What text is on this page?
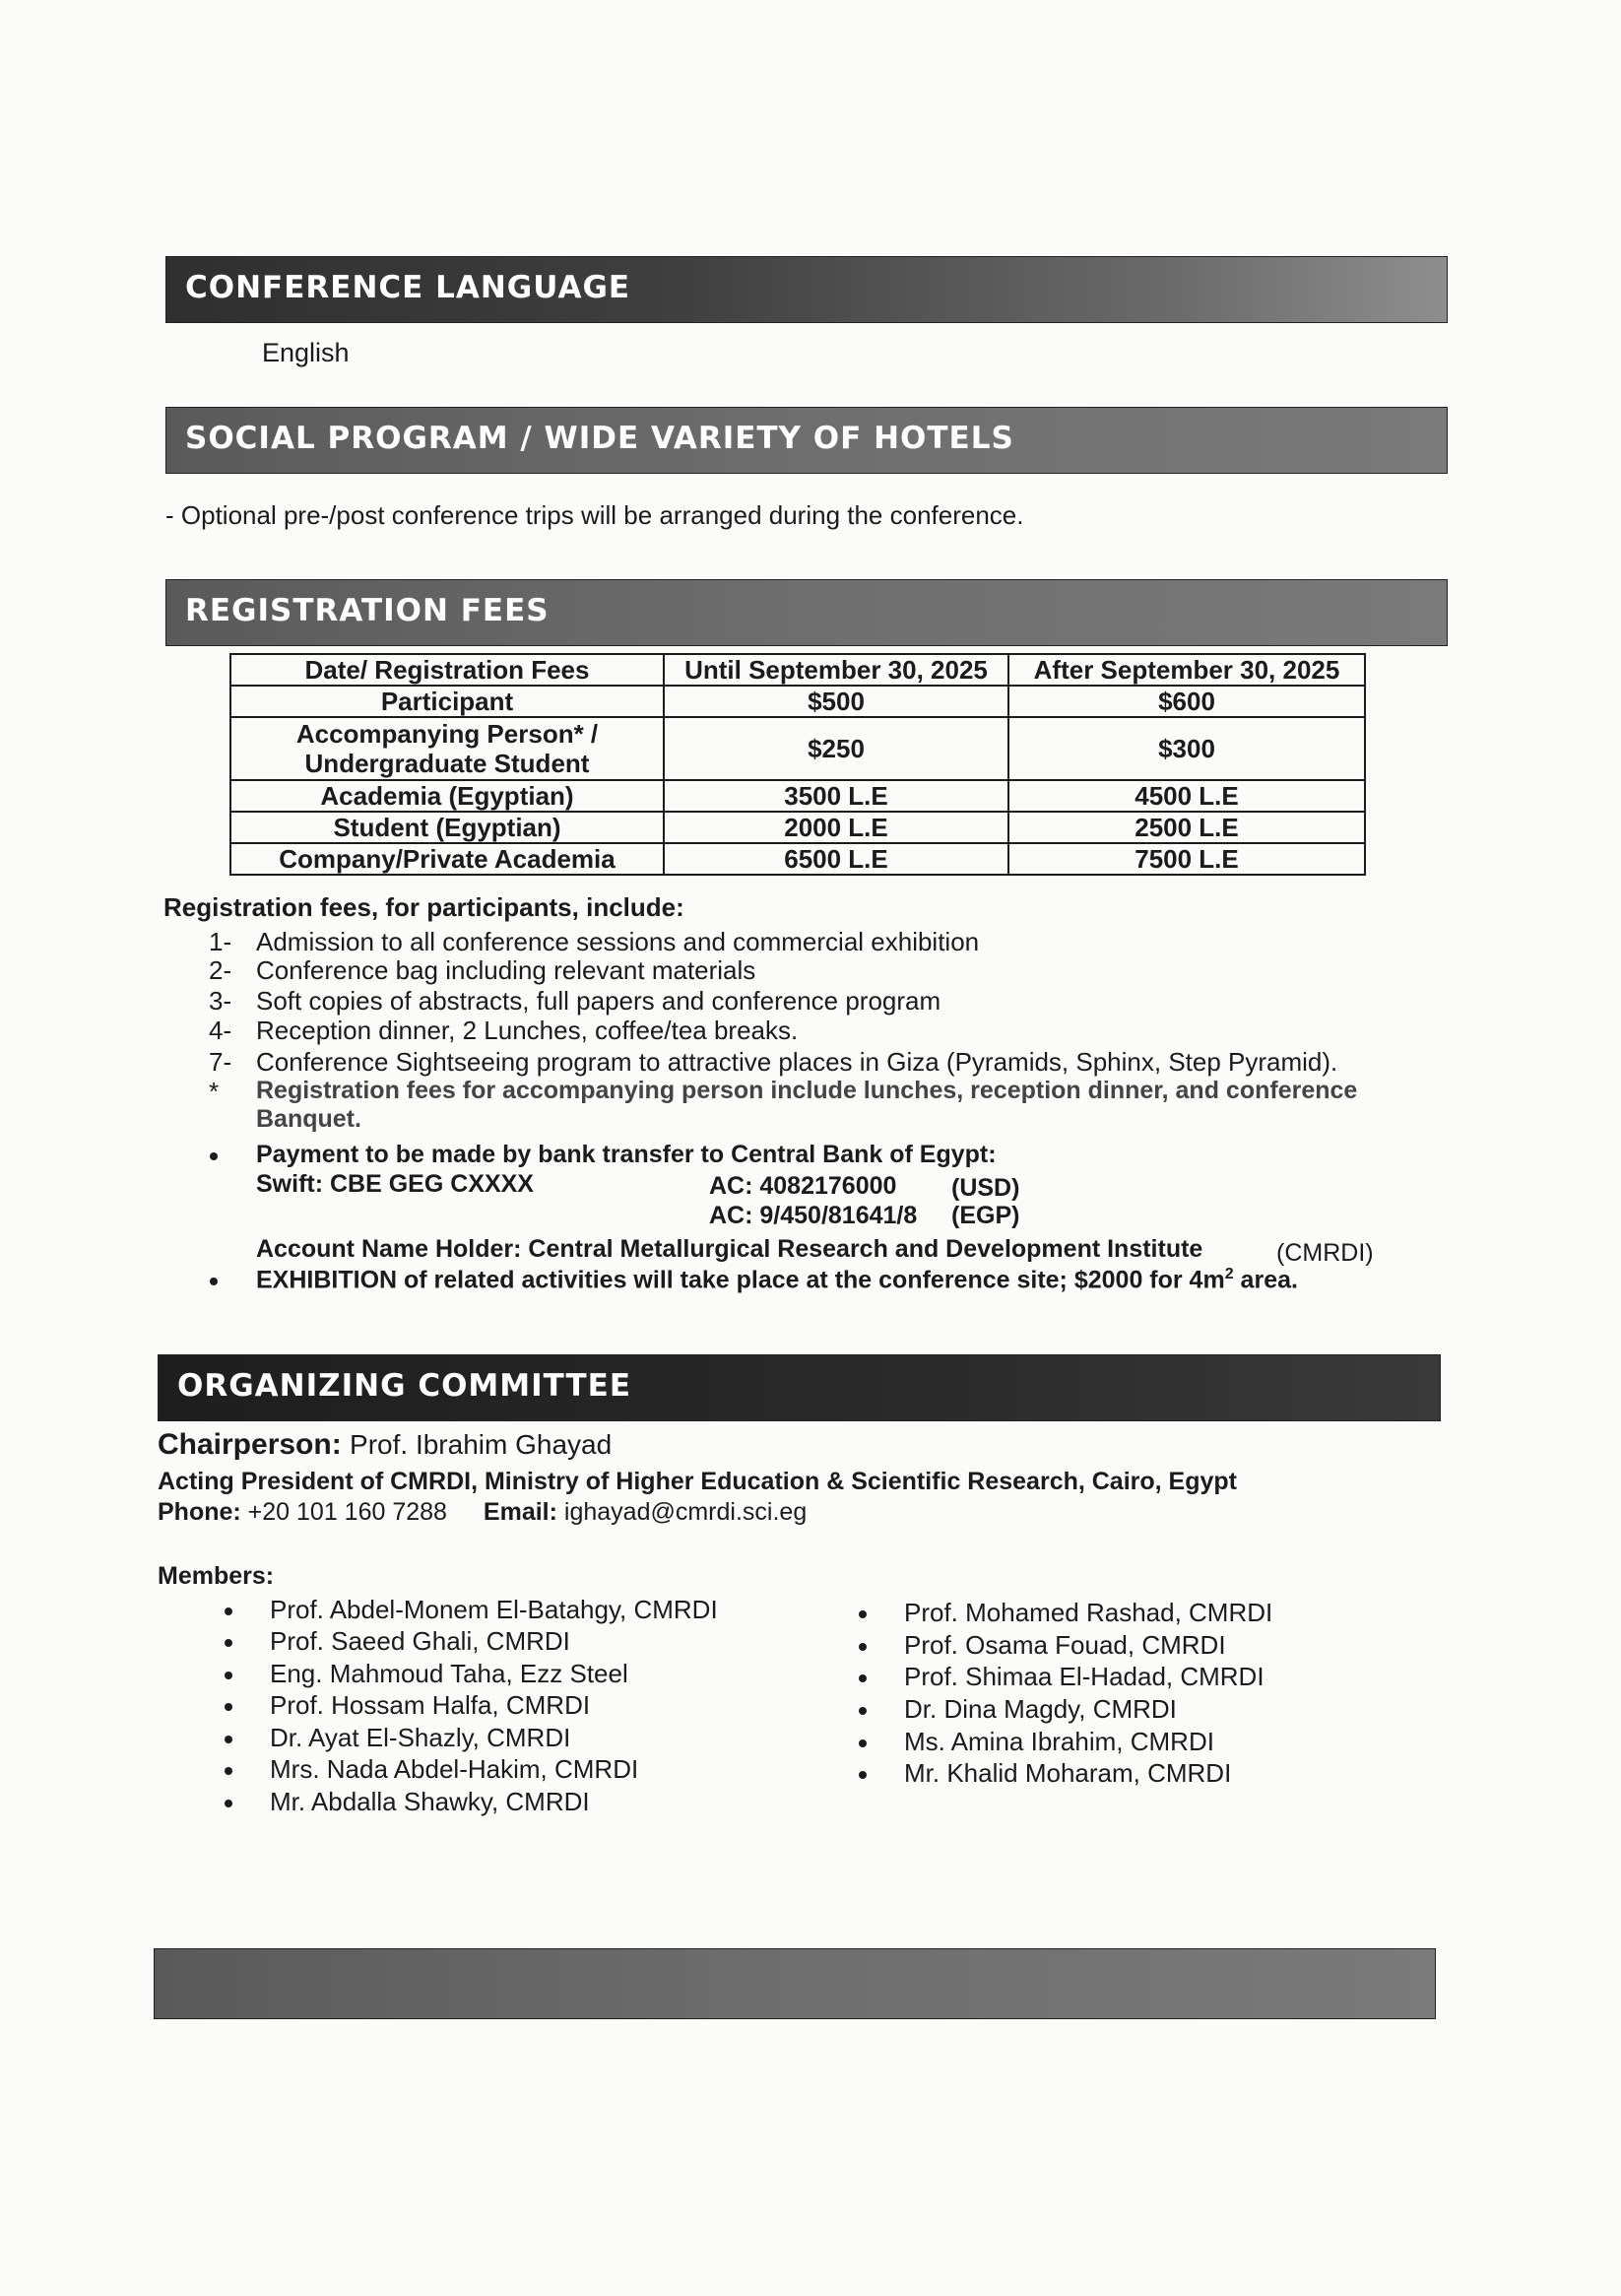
CONFERENCE LANGUAGE
English
SOCIAL PROGRAM / WIDE VARIETY OF HOTELS
- Optional pre-/post conference trips will be arranged during the conference.
REGISTRATION FEES
Date/ Registration Fees	Until September 30, 2025	After September 30, 2025
Participant	$500	$600

Accompanying Person* /
Undergraduate Student	$250	$300
Academia (Egyptian)	3500 L.E	4500 L.E
Student (Egyptian)	2000 L.E	2500 L.E
Company/Private Academia	6500 L.E	7500 L.E
Registration fees, for participants, include:
1- Admission to all conference sessions and commercial exhibition
2- Conference bag including relevant materials
3- Soft copies of abstracts, full papers and conference program
4- Reception dinner, 2 Lunches, coffee/tea breaks.
7- Conference Sightseeing program to attractive places in Giza (Pyramids, Sphinx, Step Pyramid).
* Registration fees for accompanying person include lunches, reception dinner, and conference
Banquet.
Payment to be made by bank transfer to Central Bank of Egypt:
Swift: CBE GEG CXXXX	AC: 4082176000 (USD)
AC: 9/450/81641/8 (EGP)
Account Name Holder: Central Metallurgical Research and Development Institute	(CMRDI)
EXHIBITION of related activities will take place at the conference site; $2000 for $4m^2$ area.
ORGANIZING COMMITTEE
Chairperson: Prof. Ibrahim Ghayad
Acting President of CMRDI, Ministry of Higher Education & Scientific Research, Cairo, Egypt
Phone: +20 101 160 7288 Email: ighayad@cmrdi.sci.eg
Members:
Prof. Abdel-Monem El-Batahgy, CMRDI
Prof. Saeed Ghali, CMRDI
Eng. Mahmoud Taha, Ezz Steel
Prof. Hossam Halfa, CMRDI
Dr. Ayat El-Shazly, CMRDI
Mrs. Nada Abdel-Hakim, CMRDI
Mr. Abdalla Shawky, CMRDI
Prof. Mohamed Rashad, CMRDI
Prof. Osama Fouad, CMRDI
Prof. Shimaa El-Hadad, CMRDI
Dr. Dina Magdy, CMRDI
Ms. Amina Ibrahim, CMRDI
Mr. Khalid Moharam, CMRDI
